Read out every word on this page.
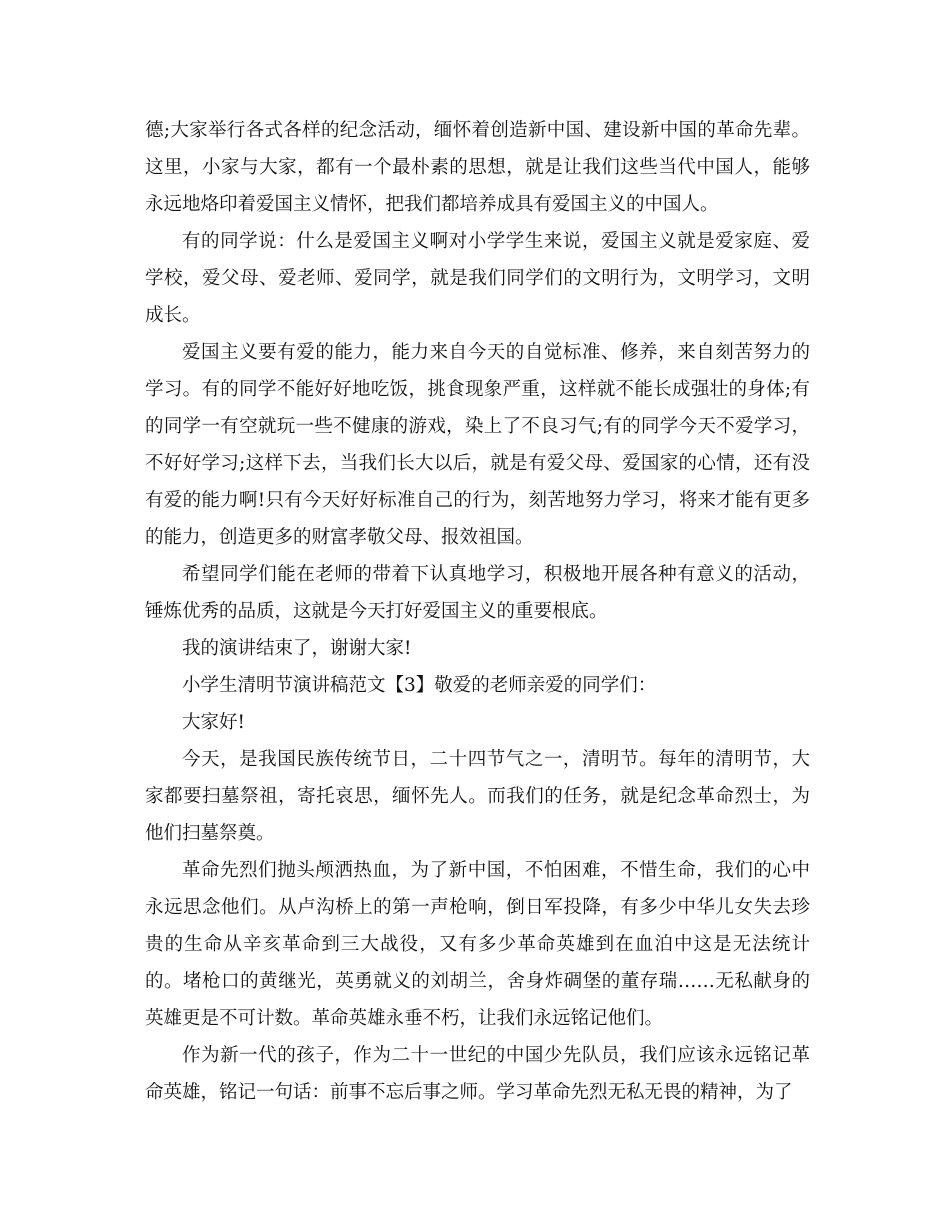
德;大家举行各式各样的纪念活动，缅怀着创造新中国、建设新中国的革命先辈。这里，小家与大家，都有一个最朴素的思想，就是让我们这些当代中国人，能够永远地烙印着爱国主义情怀，把我们都培养成具有爱国主义的中国人。

有的同学说：什么是爱国主义啊对小学学生来说，爱国主义就是爱家庭、爱学校，爱父母、爱老师、爱同学，就是我们同学们的文明行为，文明学习，文明成长。

爱国主义要有爱的能力，能力来自今天的自觉标准、修养，来自刻苦努力的学习。有的同学不能好好地吃饭，挑食现象严重，这样就不能长成强壮的身体;有的同学一有空就玩一些不健康的游戏，染上了不良习气;有的同学今天不爱学习，不好好学习;这样下去，当我们长大以后，就是有爱父母、爱国家的心情，还有没有爱的能力啊!只有今天好好标准自己的行为，刻苦地努力学习，将来才能有更多的能力，创造更多的财富孝敬父母、报效祖国。

希望同学们能在老师的带着下认真地学习，积极地开展各种有意义的活动，锤炼优秀的品质，这就是今天打好爱国主义的重要根底。

我的演讲结束了，谢谢大家!

小学生清明节演讲稿范文【3】敬爱的老师亲爱的同学们：

大家好!

今天，是我国民族传统节日，二十四节气之一，清明节。每年的清明节，大家都要扫墓祭祖，寄托哀思，缅怀先人。而我们的任务，就是纪念革命烈士，为他们扫墓祭奠。

革命先烈们抛头颅洒热血，为了新中国，不怕困难，不惜生命，我们的心中永远思念他们。从卢沟桥上的第一声枪响，倒日军投降，有多少中华儿女失去珍贵的生命从辛亥革命到三大战役，又有多少革命英雄到在血泊中这是无法统计的。堵枪口的黄继光，英勇就义的刘胡兰，舍身炸碉堡的董存瑞……无私献身的英雄更是不可计数。革命英雄永垂不朽，让我们永远铭记他们。

作为新一代的孩子，作为二十一世纪的中国少先队员，我们应该永远铭记革命英雄，铭记一句话：前事不忘后事之师。学习革命先烈无私无畏的精神，为了
